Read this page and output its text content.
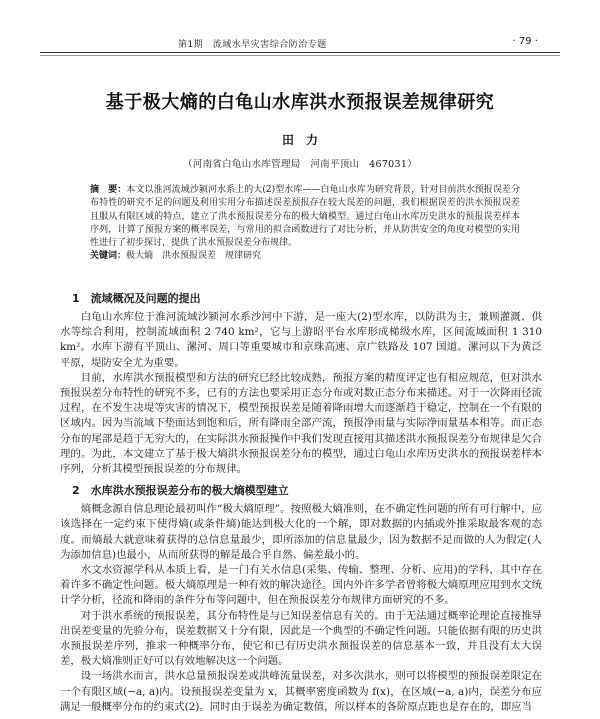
第1期　流域水旱灾害综合防治专题	· 79 ·
基于极大熵的白龟山水库洪水预报误差规律研究
田　力
（河南省白龟山水库管理局　河南平顶山　467031）

摘　要：本文以淮河流域沙颍河水系上的大(2)型水库——白龟山水库为研究背景，针对目前洪水预报误差分布特性的研究不足的问题及利用实用分布描述误差预报存在较大误差的问题，我们根据误差的洪水预报误差且服从有限区域的特点，建立了洪水预报误差分布的极大熵模型。通过白龟山水库历史洪水的预报误差样本序列，计算了预报方案的概率误差，与常用的拟合函数进行了对比分析，并从防洪安全的角度对模型的实用性进行了初步探讨，提供了洪水预报误差分布规律。

关键词：极大熵　洪水预报误差　规律研究

1　流域概况及问题的提出

白龟山水库位于淮河流域沙颍河水系沙河中下游，是一座大(2)型水库，以防洪为主，兼顾灌溉、供水等综合利用，控制流域面积 2 740 km²，它与上游昭平台水库形成梯级水库，区间流域面积 1 310 km²。水库下游有平顶山、漯河、周口等重要城市和京珠高速、京广铁路及 107 国道。漯河以下为黄泛平原，堤防安全尤为重要。

目前，水库洪水预报模型和方法的研究已经比较成熟，预报方案的精度评定也有相应规范，但对洪水预报误差分布特性的研究不多，已有的方法也要采用正态分布或对数正态分布来描述。对于一次降雨径流过程，在不发生决堤等灾害的情况下，模型预报误差是随着降雨增大而逐渐趋于稳定，控制在一个有限的区域内。因为当流域下垫面达到饱和后，所有降雨全部产流，预报净雨量与实际净雨量基本相等。而正态分布的尾部是趋于无穷大的，在实际洪水预报操作中我们发现直接用其描述洪水预报误差分布规律是欠合理的。为此，本文建立了基于极大熵洪水预报误差分布的模型，通过白龟山水库历史洪水的预报误差样本序列，分析其模型预报误差的分布规律。

2　水库洪水预报误差分布的极大熵模型建立

熵概念源自信息理论最初叫作“极大熵原理”。按照极大熵准则，在不确定性问题的所有可行解中，应该选择在一定约束下使得熵(或条件熵)能达到极大化的一个解，即对数据的内插或外推采取最客观的态度。而熵最大就意味着获得的总信息量最少，即所添加的信息量最少，因为数据不足而做的人为假定(人为添加信息)也最小，从而所获得的解是最合乎自然、偏差最小的。

水文水资源学科从本质上看，是一门有关水信息(采集、传输、整理、分析、应用)的学科，其中存在着许多不确定性问题。极大熵原理是一种有效的解决途径。国内外许多学者曾将极大熵原理应用到水文统计学分析，径流和降雨的条件分布等问题中，但在预报误差分布规律方面研究的不多。

对于洪水系统的预报误差，其分布特性是与已知误差信息有关的。由于无法通过概率论理论直接推导出误差变量的先验分布，误差数据又十分有限，因此是一个典型的不确定性问题。只能依据有限的历史洪水预报误差序列，推求一种概率分布，使它和已有历史洪水预报误差的信息基本一致，并且没有太大误差，极大熵准则正好可以有效地解决这一个问题。

设一场洪水而言，洪水总量预报误差或洪峰流量误差，对多次洪水，则可以将模型的预报误差限定在一个有限区域(−a, a)内。设预报误差变量为 x，其概率密度函数为 f(x)，在区域(−a, a)内，误差分布应满足一般概率分布的约束式(2)。同时由于误差为确定数值，所以样本的各阶原点距也是存在的，即应当
